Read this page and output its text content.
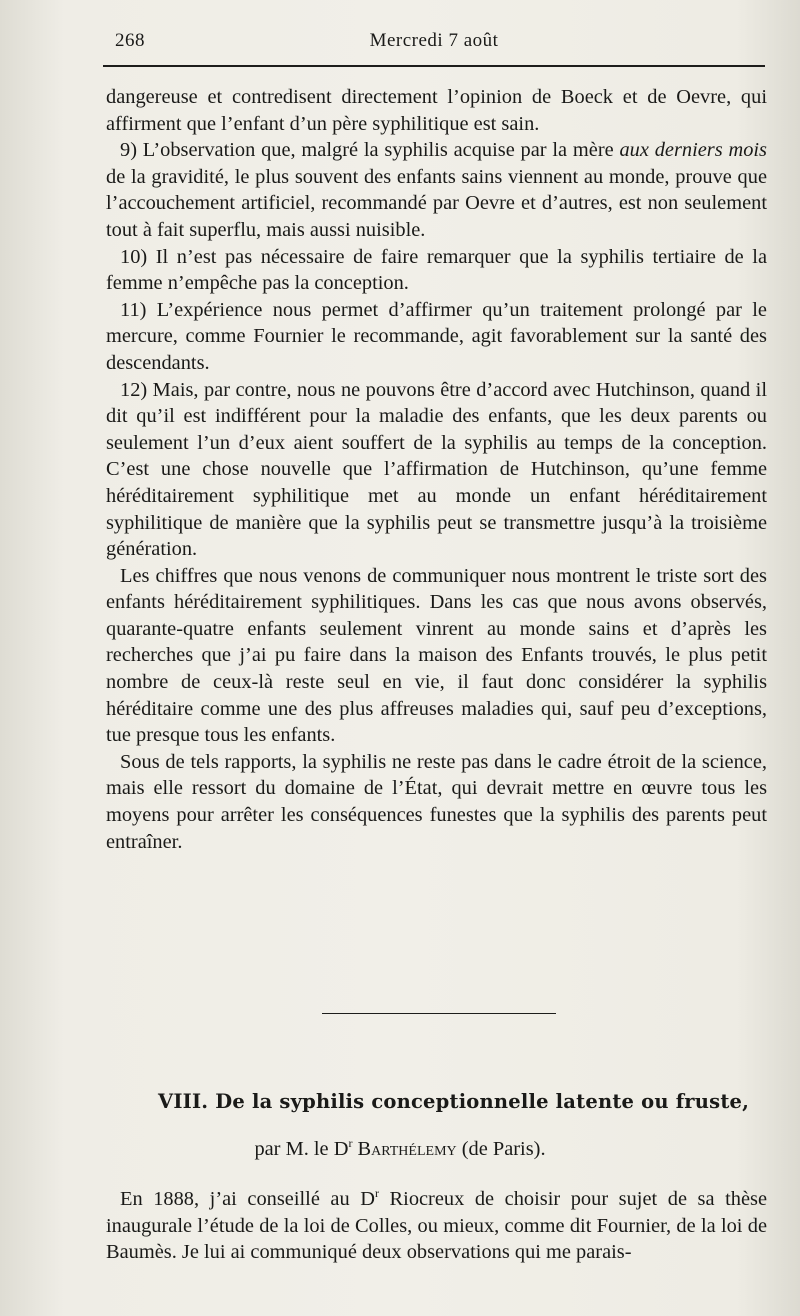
268	Mercredi 7 août

dangereuse et contredisent directement l’opinion de Boeck et de Oevre, qui affirment que l’enfant d’un père syphilitique est sain.

9) L’observation que, malgré la syphilis acquise par la mère aux derniers mois de la gravidité, le plus souvent des enfants sains viennent au monde, prouve que l’accouchement artificiel, recommandé par Oevre et d’autres, est non seulement tout à fait superflu, mais aussi nuisible.

10) Il n’est pas nécessaire de faire remarquer que la syphilis tertiaire de la femme n’empêche pas la conception.

11) L’expérience nous permet d’affirmer qu’un traitement prolongé par le mercure, comme Fournier le recommande, agit favorablement sur la santé des descendants.

12) Mais, par contre, nous ne pouvons être d’accord avec Hutchinson, quand il dit qu’il est indifférent pour la maladie des enfants, que les deux parents ou seulement l’un d’eux aient souffert de la syphilis au temps de la conception. C’est une chose nouvelle que l’affirmation de Hutchinson, qu’une femme héréditairement syphilitique met au monde un enfant héréditairement syphilitique de manière que la syphilis peut se transmettre jusqu’à la troisième génération.

Les chiffres que nous venons de communiquer nous montrent le triste sort des enfants héréditairement syphilitiques. Dans les cas que nous avons observés, quarante-quatre enfants seulement vinrent au monde sains et d’après les recherches que j’ai pu faire dans la maison des Enfants trouvés, le plus petit nombre de ceux-là reste seul en vie, il faut donc considérer la syphilis héréditaire comme une des plus affreuses maladies qui, sauf peu d’exceptions, tue presque tous les enfants.

Sous de tels rapports, la syphilis ne reste pas dans le cadre étroit de la science, mais elle ressort du domaine de l’État, qui devrait mettre en œuvre tous les moyens pour arrêter les conséquences funestes que la syphilis des parents peut entraîner.

VIII. De la syphilis conceptionnelle latente ou fruste,
par M. le $D^r$ Barthélemy (de Paris).

En 1888, j’ai conseillé au $D^r$ Riocreux de choisir pour sujet de sa thèse inaugurale l’étude de la loi de Colles, ou mieux, comme dit Fournier, de la loi de Baumès. Je lui ai communiqué deux observations qui me parais-
